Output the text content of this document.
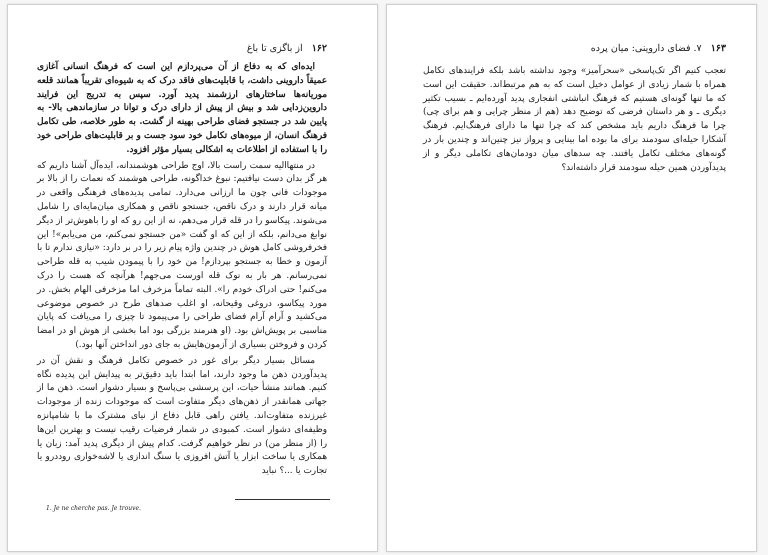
۱۶۲ از باگزی تا باغ

ایده‌ای که به دفاع از آن می‌پردازم این است که فرهنگ انسانی آغازی عمیقاً داروینی داشت، با قابلیت‌های فاقد درک که به شیوه‌ای تقریباً همانند قلعه موریانه‌ها ساختارهای ارزشمند پدید آورد. سپس به تدریج این فرایند داروین‌زدایی شد و بیش از پیش از دارای درک و توانا در سازماندهی بالا- به پایین شد در جستجو فضای طراحی بهینه از گشت. به طور خلاصه، طی تکامل فرهنگ انسان، از میوه‌های تکامل خود سود جست و بر قابلیت‌های طراحی خود را با استفاده از اطلاعات به اشکالی بسیار مؤثر افزود.

در منتهاالیه سمت راست بالا، اوج طراحی هوشمندانه، ایده‌آل آشنا داریم که هر گز بدان دست نیافتیم: نبوغ خداگونه، طراحی هوشمند که نعمات را از بالا بر موجودات فانی چون ما ارزانی می‌دارد. تمامی پدیده‌های فرهنگی واقعی در میانه قرار دارند و درک ناقص، جستجو ناقص و همکاری میان‌مایه‌ای را شامل می‌شوند. پیکاسو را در قله قرار می‌دهم، نه از این رو که او را باهوش‌تر از دیگر نوابغ می‌دانم، بلکه از این که او گفت «من جستجو نمی‌کنم، من می‌یابم»! این فخرفروشی کامل هوش در چندین واژه پیام زیر را در بر دارد: «نیازی ندارم تا با آزمون و خطا به جستجو بپردازم! من خود را با پیمودن شیب به قله طراحی نمی‌رسانم. هر بار به نوک قله اورست می‌جهم! هرآنچه که هست را درک می‌کنم! حتی ادراک خودم را». البته تماماً مزخرف اما مزخرفی الهام بخش. در مورد پیکاسو، دروغی وقیحانه، او اغلب صدهای طرح در خصوص موضوعی می‌کشید و آرام آرام فضای طراحی را می‌پیمود تا چیزی را می‌یافت که پایان مناسبی بر پویش‌اش بود. (او هنرمند بزرگی بود اما بخشی از هوش او در امضا کردن و فروختن بسیاری از آزمون‌هایش به جای دور انداختن آنها بود.)

مسائل بسیار دیگر برای غور در خصوص تکامل فرهنگ و نقش آن در پدیدآوردن ذهن ما وجود دارند، اما ابتدا باید دقیق‌تر به پیدایش این پدیده نگاه کنیم. همانند منشأ حیات، این پرسشی بی‌پاسخ و بسیار دشوار است. ذهن ما از جهاتی همانقدر از ذهن‌های دیگر متفاوت است که موجودات زنده از موجودات غیرزنده متفاوت‌اند. یافتن راهی قابل دفاع از نیای مشترک ما با شامپانزه وظیفه‌ای دشوار است. کمبودی در شمار فرضیات رقیب نیست و بهترین این‌ها را (از منظر من) در نظر خواهیم گرفت. کدام پیش از دیگری پدید آمد: زبان یا همکاری یا ساخت ابزار یا آتش افروزی یا سنگ اندازی یا لاشه‌خواری روددرو یا تجارت یا ...؟ نباید

1. Je ne cherche pas. Je trouve.
۱۶۳ ۷. فضای داروینی: میان پرده

تعجب کنیم اگر تک‌پاسخی «سحرآمیز» وجود نداشته باشد بلکه فرایندهای تکامل همراه با شمار زیادی از عوامل دخیل است که به هم مرتبط‌اند. حقیقت این است که ما تنها گونه‌ای هستیم که فرهنگ انباشتی انفجاری پدید آورده‌ایم ـ بسیب تکثیر دیگری ـ و هر داستان فرضی که توضیح دهد (هم از منظر چرایی و هم برای چی) چرا ما فرهنگ داریم باید مشخص کند که چرا تنها ما دارای فرهنگ‌ایم. فرهنگ آشکارا حیله‌ای سودمند برای ما بوده اما بینایی و پرواز نیز چنین‌اند و چندین بار در گونه‌های مختلف تکامل یافتند. چه سدهای میان دودمان‌های تکاملی دیگر و از پدیدآوردن همین حیله سودمند قرار داشته‌اند؟
